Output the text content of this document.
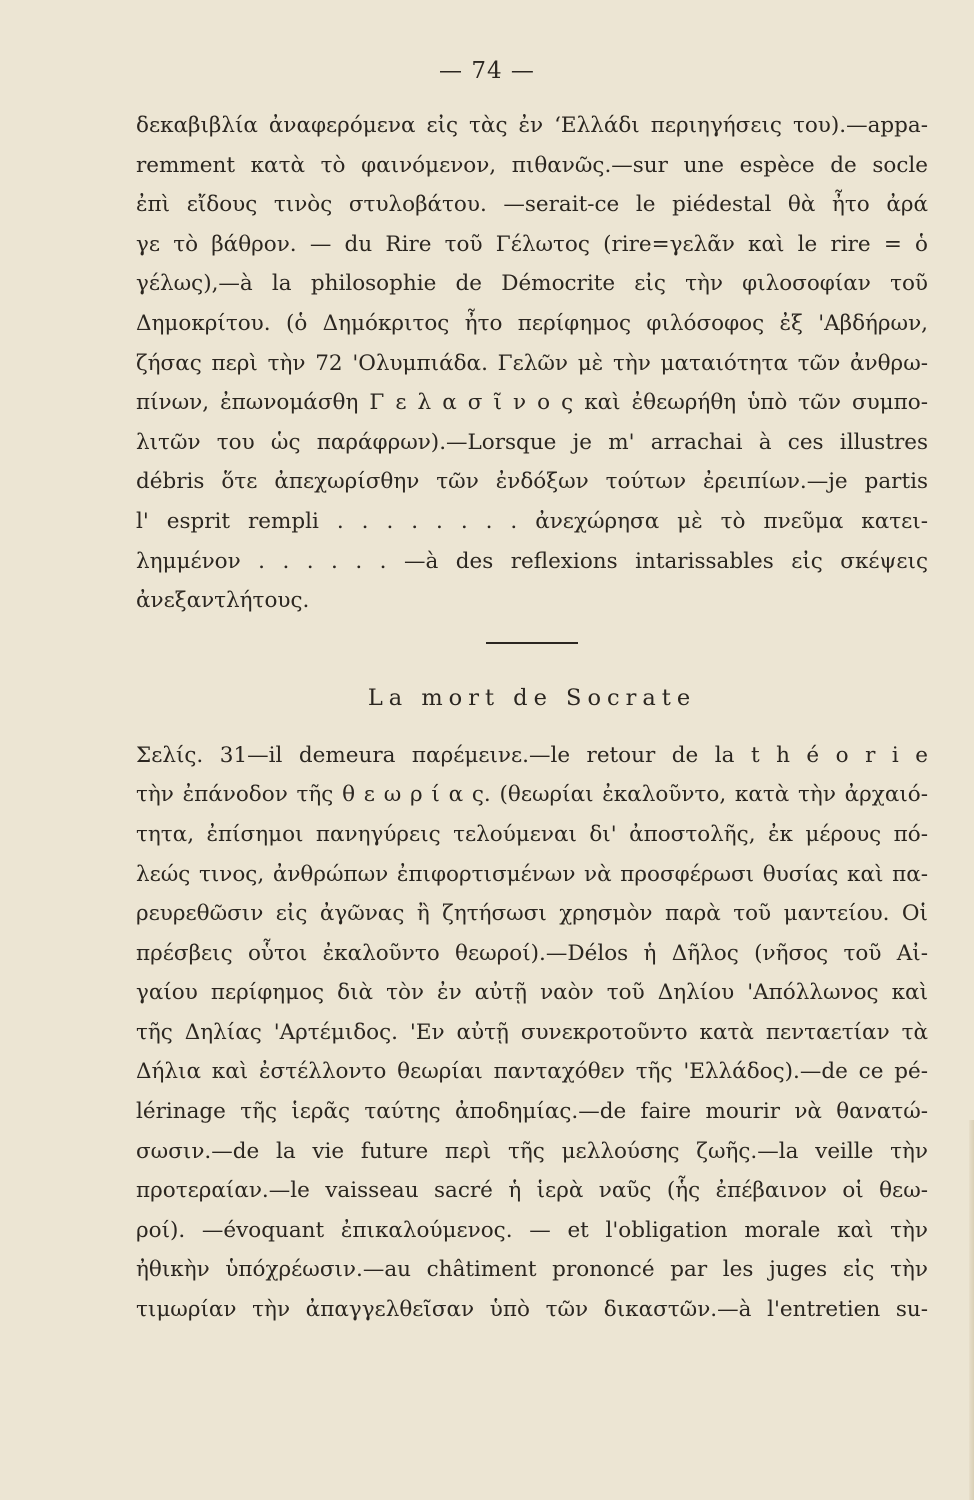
— 74 —
δεκαβιβλία ἀναφερόμενα εἰς τὰς ἐν ‘Ελλάδι περιηγήσεις του).—appa-
remment κατὰ τὸ φαινόμενον, πιθανῶς.—sur une espèce de socle
ἐπὶ εἴδους τινὸς στυλοβάτου. —serait-ce le piédestal θὰ ἦτο ἀρά
γε τὸ βάθρον. — du Rire τοῦ Γέλωτος (rire=γελᾶν καὶ le rire = ὁ
γέλως),—à la philosophie de Démocrite εἰς τὴν φιλοσοφίαν τοῦ
Δημοκρίτου. (ὁ Δημόκριτος ἦτο περίφημος φιλόσοφος ἐξ 'Αβδήρων,
ζήσας περὶ τὴν 72 'Ολυμπιάδα. Γελῶν μὲ τὴν ματαιότητα τῶν ἀνθρω-
πίνων, ἐπωνομάσθη Γ ε λ α σ ῖ ν ο ς καὶ ἐθεωρήθη ὑπὸ τῶν συμπο-
λιτῶν του ὡς παράφρων).—Lorsque je m' arrachai à ces illustres
débris ὅτε ἀπεχωρίσθην τῶν ἐνδόξων τούτων ἐρειπίων.—je partis
l' esprit rempli . . . . . . . . ἀνεχώρησα μὲ τὸ πνεῦμα κατει-
λημμένον . . . . . . —à des reflexions intarissables εἰς σκέψεις
ἀνεξαντλήτους.
La mort de Socrate
Σελίς. 31—il demeura παρέμεινε.—le retour de la t h é o r i e
τὴν ἐπάνοδον τῆς θ ε ω ρ ί α ς. (θεωρίαι ἐκαλοῦντο, κατὰ τὴν ἀρχαιό-
τητα, ἐπίσημοι πανηγύρεις τελούμεναι δι' ἀποστολῆς, ἐκ μέρους πό-
λεώς τινος, ἀνθρώπων ἐπιφορτισμένων νὰ προσφέρωσι θυσίας καὶ πα-
ρευρεθῶσιν εἰς ἀγῶνας ἢ ζητήσωσι χρησμὸν παρὰ τοῦ μαντείου. Οἱ
πρέσβεις οὗτοι ἐκαλοῦντο θεωροί).—Délos ἡ Δῆλος (νῆσος τοῦ Αἰ-
γαίου περίφημος διὰ τὸν ἐν αὐτῇ ναὸν τοῦ Δηλίου 'Απόλλωνος καὶ
τῆς Δηλίας 'Αρτέμιδος. 'Εν αὐτῇ συνεκροτοῦντο κατὰ πενταετίαν τὰ
Δήλια καὶ ἐστέλλοντο θεωρίαι πανταχόθεν τῆς 'Ελλάδος).—de ce pé-
lérinage τῆς ἱερᾶς ταύτης ἀποδημίας.—de faire mourir νὰ θανατώ-
σωσιν.—de la vie future περὶ τῆς μελλούσης ζωῆς.—la veille τὴν
προτεραίαν.—le vaisseau sacré ἡ ἱερὰ ναῦς (ἧς ἐπέβαινον οἱ θεω-
ροί). —évoquant ἐπικαλούμενος. — et l'obligation morale καὶ τὴν
ἠθικὴν ὑπόχρέωσιν.—au châtiment prononcé par les juges εἰς τὴν
τιμωρίαν τὴν ἀπαγγελθεῖσαν ὑπὸ τῶν δικαστῶν.—à l'entretien su-
